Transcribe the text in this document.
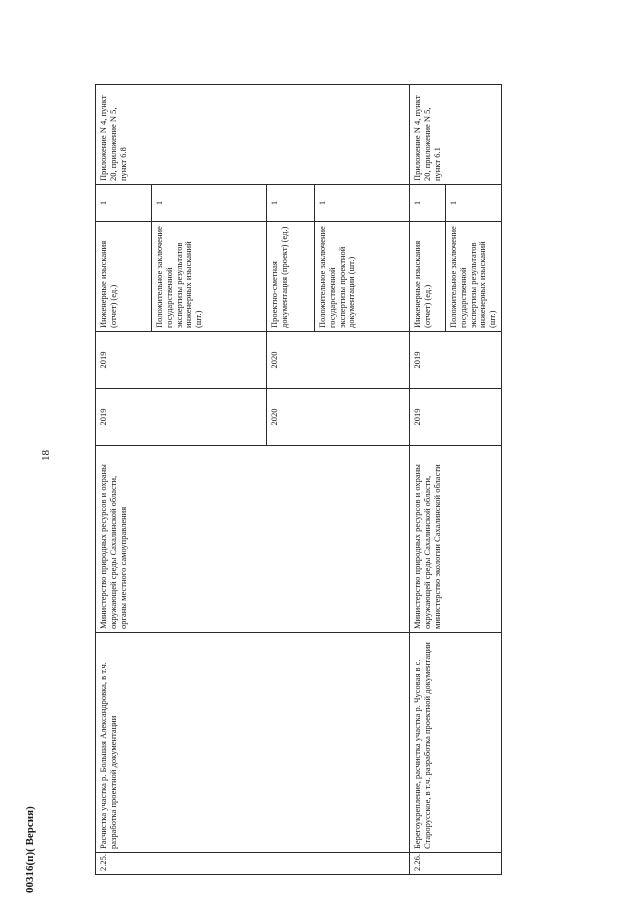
18
2.25.	Расчистка участка р. Большая Александровка, в т.ч. разработка проектной документации	Министерство природных ресурсов и охраны окружающей среды Сахалинской области, органы местного самоуправления	2019	2019	Инженерные изыскания (отчет) (ед.)	1	Приложение N 4, пункт 20, приложение N 5, пункт 6.8
					Положительное заключение государственной экспертизы результатов инженерных изысканий (шт.)	1	
			2020	2020	Проектно-сметная документация (проект) (ед.)	1	
					Положительное заключение государственной экспертизы проектной документации (шт.)	1	
2.26.	Берегоукрепление, расчистка участка р. Чусовая в с. Старорусское, в т.ч. разработка проектной документации	Министерство природных ресурсов и охраны окружающей среды Сахалинской области, министерство экологии Сахалинской области	2019	2019	Инженерные изыскания (отчет) (ед.)	1	Приложение N 4, пункт 20, приложение N 5, пункт 6.1
					Положительное заключение государственной экспертизы результатов инженерных изысканий (шт.)	1	
00316(п)( Версия)
